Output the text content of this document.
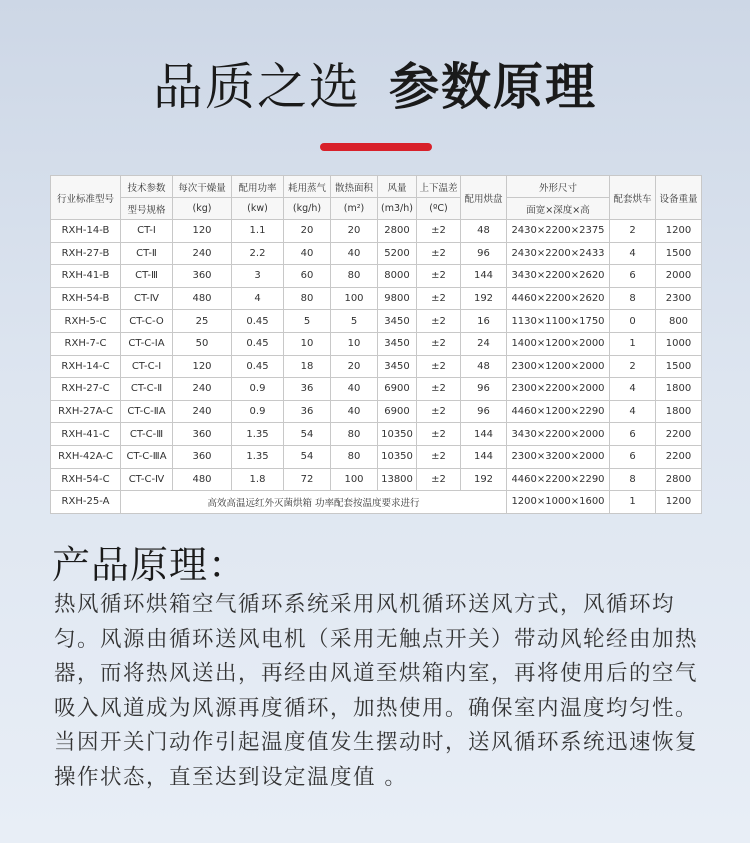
品质之选 参数原理
行业标准型号	技术参数	每次干燥量	配用功率	耗用蒸气	散热面积	风量	上下温差	配用烘盘	外形尺寸	配套烘车	设备重量
	型号规格	(kg)	(kw)	(kg/h)	(m²)	(m3/h)	(ºC)		面宽×深度×高		
RXH-14-B	CT-Ⅰ	120	1.1	20	20	2800	±2	48	2430×2200×2375	2	1200
RXH-27-B	CT-Ⅱ	240	2.2	40	40	5200	±2	96	2430×2200×2433	4	1500
RXH-41-B	CT-Ⅲ	360	3	60	80	8000	±2	144	3430×2200×2620	6	2000
RXH-54-B	CT-Ⅳ	480	4	80	100	9800	±2	192	4460×2200×2620	8	2300
RXH-5-C	CT-C-O	25	0.45	5	5	3450	±2	16	1130×1100×1750	0	800
RXH-7-C	CT-C-ⅠA	50	0.45	10	10	3450	±2	24	1400×1200×2000	1	1000
RXH-14-C	CT-C-Ⅰ	120	0.45	18	20	3450	±2	48	2300×1200×2000	2	1500
RXH-27-C	CT-C-Ⅱ	240	0.9	36	40	6900	±2	96	2300×2200×2000	4	1800
RXH-27A-C	CT-C-ⅡA	240	0.9	36	40	6900	±2	96	4460×1200×2290	4	1800
RXH-41-C	CT-C-Ⅲ	360	1.35	54	80	10350	±2	144	3430×2200×2000	6	2200
RXH-42A-C	CT-C-ⅢA	360	1.35	54	80	10350	±2	144	2300×3200×2000	6	2200
RXH-54-C	CT-C-Ⅳ	480	1.8	72	100	13800	±2	192	4460×2200×2290	8	2800
RXH-25-A	高效高温远红外灭菌烘箱 功率配套按温度要求进行								1200×1000×1600	1	1200
产品原理：
热风循环烘箱空气循环系统采用风机循环送风方式，风循环均匀。风源由循环送风电机（采用无触点开关）带动风轮经由加热器，而将热风送出，再经由风道至烘箱内室，再将使用后的空气吸入风道成为风源再度循环，加热使用。确保室内温度均匀性。当因开关门动作引起温度值发生摆动时，送风循环系统迅速恢复操作状态，直至达到设定温度值 。
